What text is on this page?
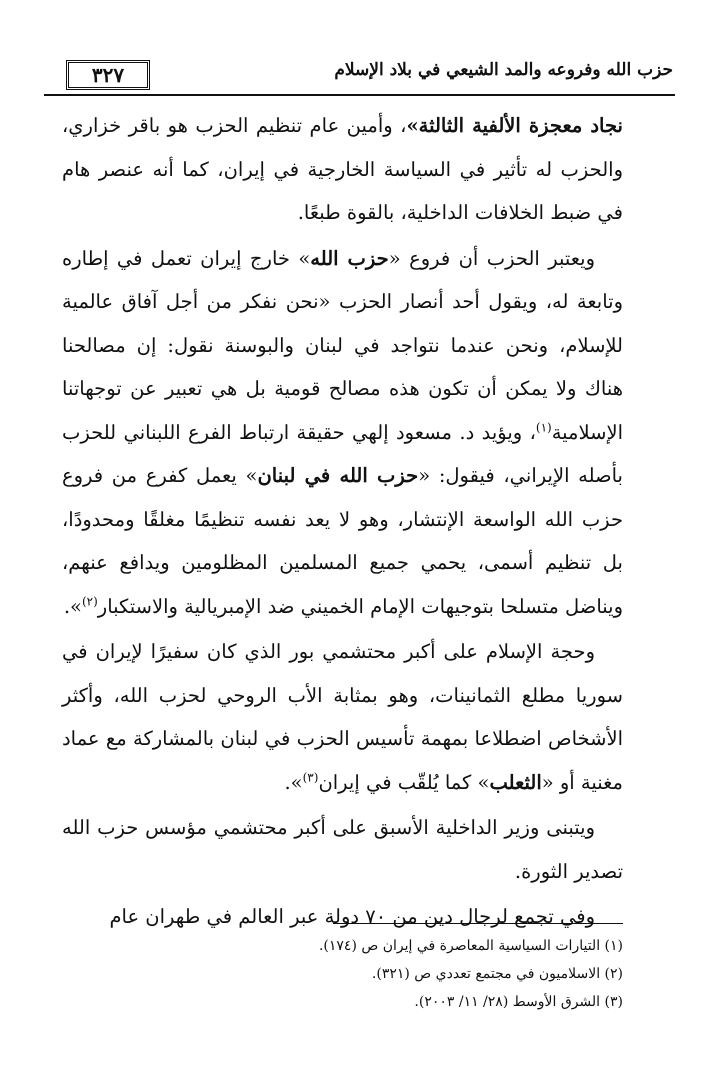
حزب الله وفروعه والمد الشيعي في بلاد الإسلام
٣٢٧

نجاد معجزة الألفية الثالثة»، وأمين عام تنظيم الحزب هو باقر خزاري، والحزب له تأثير في السياسة الخارجية في إيران، كما أنه عنصر هام في ضبط الخلافات الداخلية، بالقوة طبعًا.

ويعتبر الحزب أن فروع «حزب الله» خارج إيران تعمل في إطاره وتابعة له، ويقول أحد أنصار الحزب «نحن نفكر من أجل آفاق عالمية للإسلام، ونحن عندما نتواجد في لبنان والبوسنة نقول: إن مصالحنا هناك ولا يمكن أن تكون هذه مصالح قومية بل هي تعبير عن توجهاتنا الإسلامية$^{(١)}$، ويؤيد د. مسعود إلهي حقيقة ارتباط الفرع اللبناني للحزب بأصله الإيراني، فيقول: «حزب الله في لبنان» يعمل كفرع من فروع حزب الله الواسعة الإنتشار، وهو لا يعد نفسه تنظيمًا مغلقًا ومحدودًا، بل تنظيم أسمى، يحمي جميع المسلمين المظلومين ويدافع عنهم، ويناضل متسلحا بتوجيهات الإمام الخميني ضد الإمبريالية والاستكبار$^{(٢)}$».

وحجة الإسلام على أكبر محتشمي بور الذي كان سفيرًا لإيران في سوريا مطلع الثمانينات، وهو بمثابة الأب الروحي لحزب الله، وأكثر الأشخاص اضطلاعا بمهمة تأسيس الحزب في لبنان بالمشاركة مع عماد مغنية أو «الثعلب» كما يُلقّب في إيران$^{(٣)}$».

ويتبنى وزير الداخلية الأسبق على أكبر محتشمي مؤسس حزب الله تصدير الثورة.

وفي تجمع لرجال دين من ٧٠ دولة عبر العالم في طهران عام

(١) التيارات السياسية المعاصرة في إيران ص (١٧٤).

(٢) الاسلاميون في مجتمع تعددي ص (٣٢١).

(٣) الشرق الأوسط (٢٨/ ١١/ ٢٠٠٣).
